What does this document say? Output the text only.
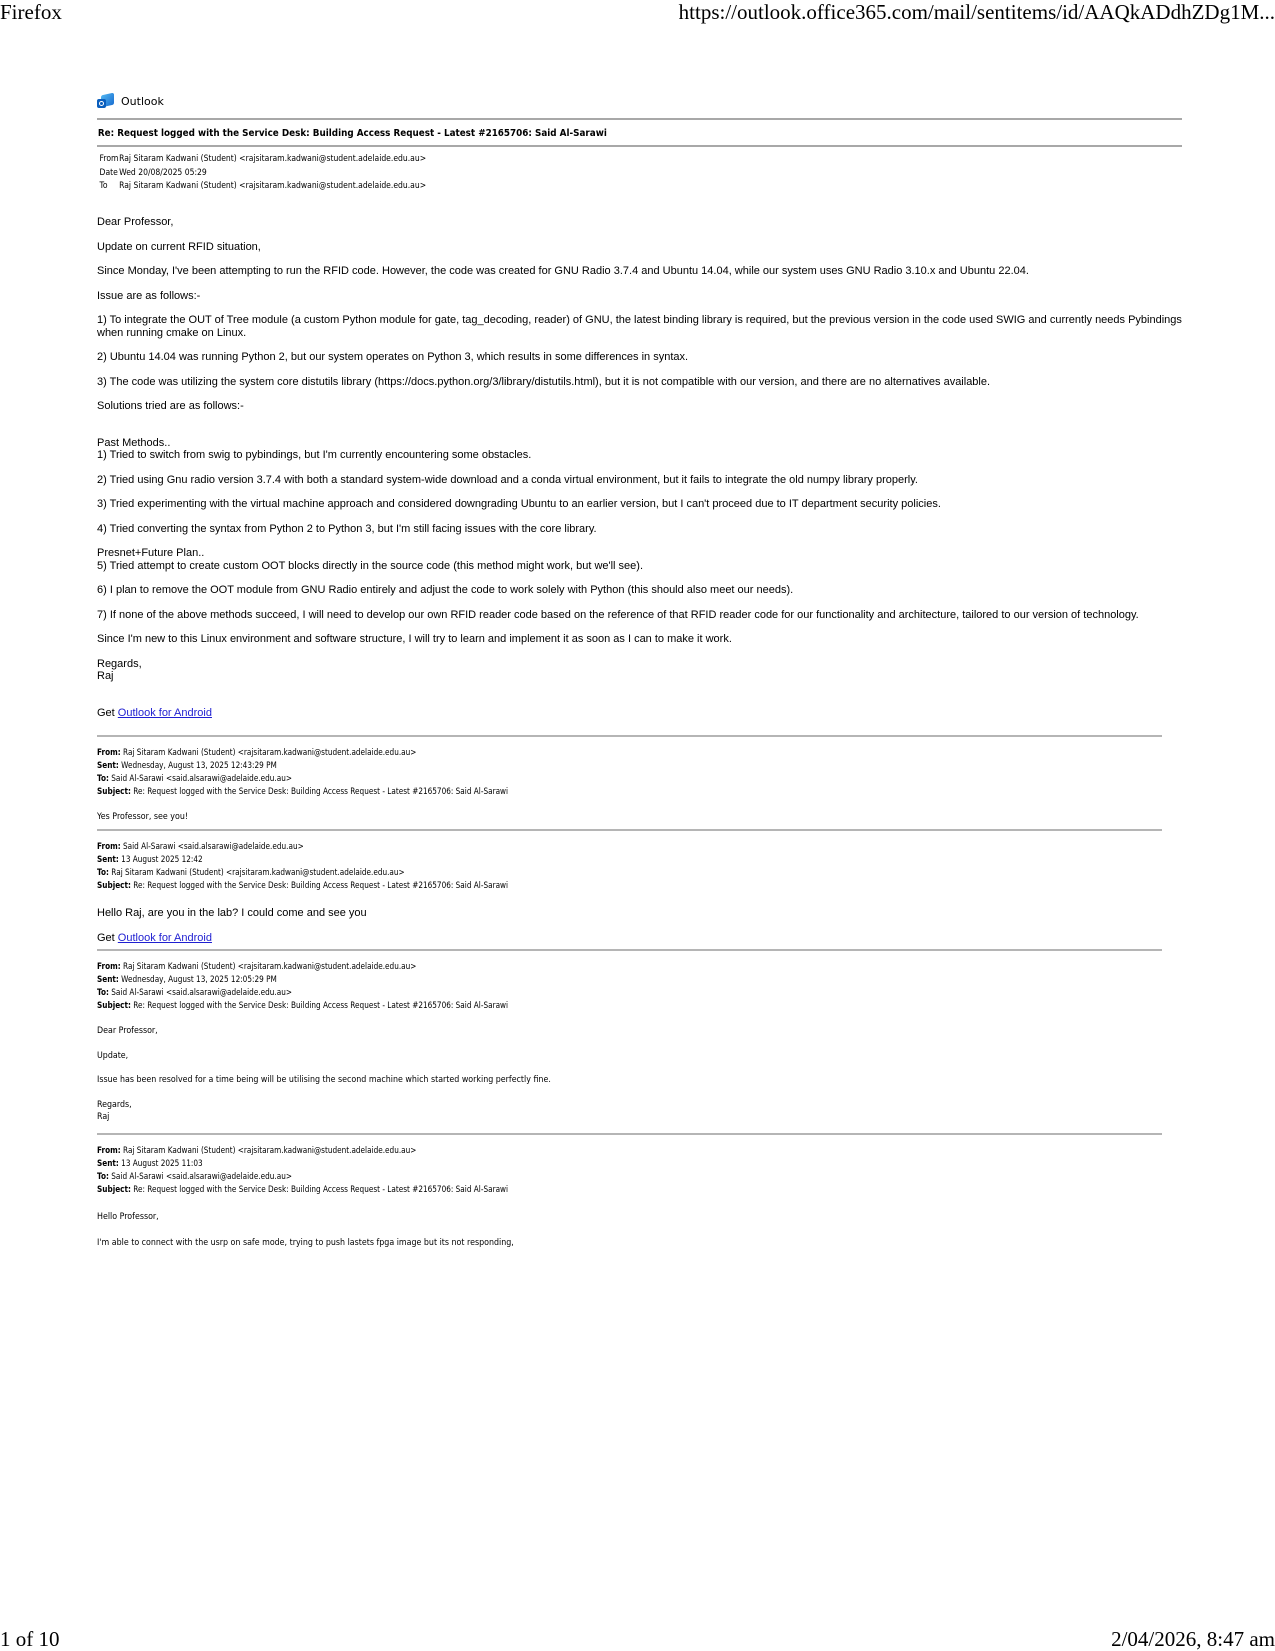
Firefox	https://outlook.office365.com/mail/sentitems/id/AAQkADdhZDg1M...
1 of 10	2/04/2026, 8:47 am
Outlook
Re: Request logged with the Service Desk: Building Access Request - Latest #2165706: Said Al-Sarawi
From Raj Sitaram Kadwani (Student) <rajsitaram.kadwani@student.adelaide.edu.au>
Date Wed 20/08/2025 05:29
To	Raj Sitaram Kadwani (Student) <rajsitaram.kadwani@student.adelaide.edu.au>

Dear Professor,

Update on current RFID situation,

Since Monday, I've been attempting to run the RFID code. However, the code was created for GNU Radio 3.7.4 and Ubuntu 14.04, while our system uses GNU Radio 3.10.x and Ubuntu 22.04.

Issue are as follows:-

1) To integrate the OUT of Tree module (a custom Python module for gate, tag_decoding, reader) of GNU, the latest binding library is required, but the previous version in the code used SWIG and currently needs Pybindings when running cmake on Linux.

2) Ubuntu 14.04 was running Python 2, but our system operates on Python 3, which results in some differences in syntax.

3) The code was utilizing the system core distutils library (https://docs.python.org/3/library/distutils.html), but it is not compatible with our version, and there are no alternatives available.

Solutions tried are as follows:-

Past Methods..

1) Tried to switch from swig to pybindings, but I'm currently encountering some obstacles.

2) Tried using Gnu radio version 3.7.4 with both a standard system-wide download and a conda virtual environment, but it fails to integrate the old numpy library properly.

3) Tried experimenting with the virtual machine approach and considered downgrading Ubuntu to an earlier version, but I can't proceed due to IT department security policies.

4) Tried converting the syntax from Python 2 to Python 3, but I'm still facing issues with the core library.

Presnet+Future Plan..

5) Tried attempt to create custom OOT blocks directly in the source code (this method might work, but we'll see).

6) I plan to remove the OOT module from GNU Radio entirely and adjust the code to work solely with Python (this should also meet our needs).

7) If none of the above methods succeed, I will need to develop our own RFID reader code based on the reference of that RFID reader code for our functionality and architecture, tailored to our version of technology.

Since I'm new to this Linux environment and software structure, I will try to learn and implement it as soon as I can to make it work.

Regards,

Raj

Get Outlook for Android

From: Raj Sitaram Kadwani (Student) <rajsitaram.kadwani@student.adelaide.edu.au>
Sent: Wednesday, August 13, 2025 12:43:29 PM
To: Said Al-Sarawi <said.alsarawi@adelaide.edu.au>
Subject: Re: Request logged with the Service Desk: Building Access Request - Latest #2165706: Said Al-Sarawi
Yes Professor, see you!
From: Said Al-Sarawi <said.alsarawi@adelaide.edu.au>
Sent: 13 August 2025 12:42
To: Raj Sitaram Kadwani (Student) <rajsitaram.kadwani@student.adelaide.edu.au>
Subject: Re: Request logged with the Service Desk: Building Access Request - Latest #2165706: Said Al-Sarawi
Hello Raj, are you in the lab? I could come and see you
Get Outlook for Android
From: Raj Sitaram Kadwani (Student) <rajsitaram.kadwani@student.adelaide.edu.au>
Sent: Wednesday, August 13, 2025 12:05:29 PM
To: Said Al-Sarawi <said.alsarawi@adelaide.edu.au>
Subject: Re: Request logged with the Service Desk: Building Access Request - Latest #2165706: Said Al-Sarawi
Dear Professor,
Update,
Issue has been resolved for a time being will be utilising the second machine which started working perfectly fine.
Regards,
Raj
From: Raj Sitaram Kadwani (Student) <rajsitaram.kadwani@student.adelaide.edu.au>
Sent: 13 August 2025 11:03
To: Said Al-Sarawi <said.alsarawi@adelaide.edu.au>
Subject: Re: Request logged with the Service Desk: Building Access Request - Latest #2165706: Said Al-Sarawi
Hello Professor,
I'm able to connect with the usrp on safe mode, trying to push lastets fpga image but its not responding,
